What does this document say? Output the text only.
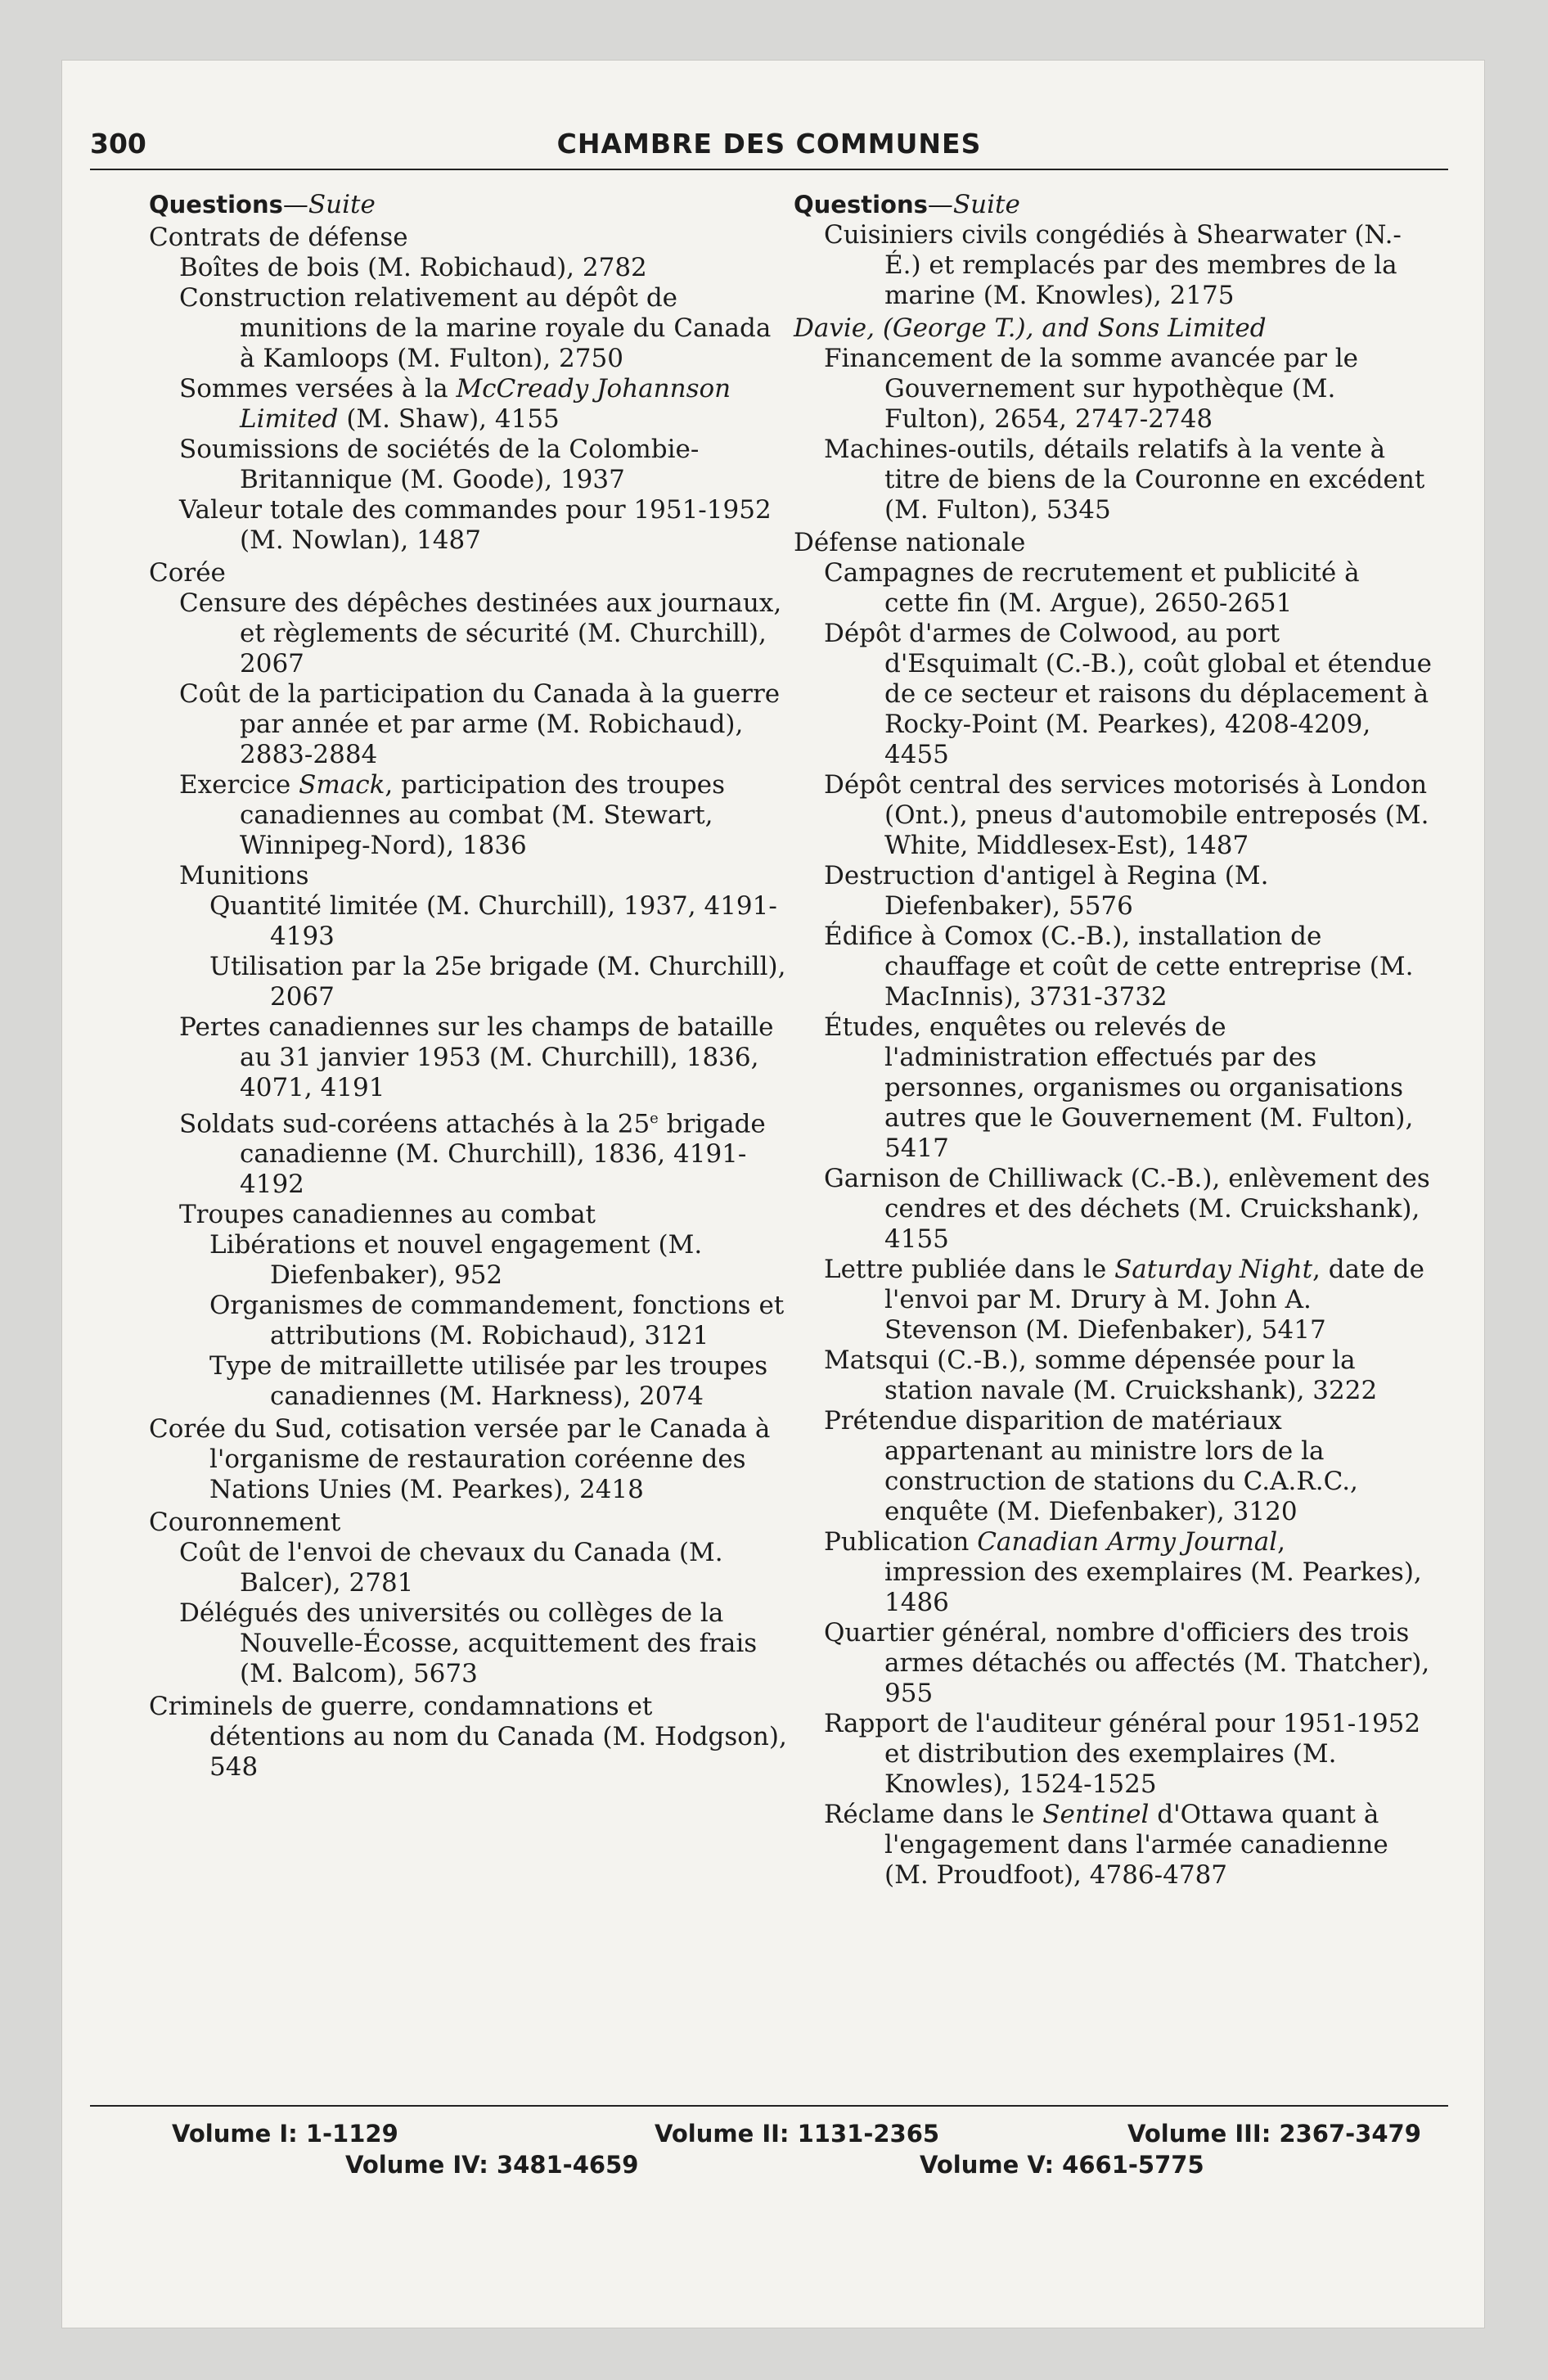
300	CHAMBRE DES COMMUNES

Questions—Suite

Contrats de défense

Boîtes de bois (M. Robichaud), 2782

Construction relativement au dépôt de munitions de la marine royale du Canada à Kamloops (M. Fulton), 2750

Sommes versées à la McCready Johannson Limited (M. Shaw), 4155

Soumissions de sociétés de la Colombie-Britannique (M. Goode), 1937

Valeur totale des commandes pour 1951-1952 (M. Nowlan), 1487

Corée

Censure des dépêches destinées aux journaux, et règlements de sécurité (M. Churchill), 2067

Coût de la participation du Canada à la guerre par année et par arme (M. Robichaud), 2883-2884

Exercice Smack, participation des troupes canadiennes au combat (M. Stewart, Winnipeg-Nord), 1836

Munitions

Quantité limitée (M. Churchill), 1937, 4191-4193

Utilisation par la 25e brigade (M. Churchill), 2067

Pertes canadiennes sur les champs de bataille au 31 janvier 1953 (M. Churchill), 1836, 4071, 4191

Soldats sud-coréens attachés à la 25e brigade canadienne (M. Churchill), 1836, 4191-4192

Troupes canadiennes au combat

Libérations et nouvel engagement (M. Diefenbaker), 952

Organismes de commandement, fonctions et attributions (M. Robichaud), 3121

Type de mitraillette utilisée par les troupes canadiennes (M. Harkness), 2074

Corée du Sud, cotisation versée par le Canada à l'organisme de restauration coréenne des Nations Unies (M. Pearkes), 2418

Couronnement

Coût de l'envoi de chevaux du Canada (M. Balcer), 2781

Délégués des universités ou collèges de la Nouvelle-Écosse, acquittement des frais (M. Balcom), 5673

Criminels de guerre, condamnations et détentions au nom du Canada (M. Hodgson), 548

Questions—Suite

Cuisiniers civils congédiés à Shearwater (N.-É.) et remplacés par des membres de la marine (M. Knowles), 2175

Davie, (George T.), and Sons Limited

Financement de la somme avancée par le Gouvernement sur hypothèque (M. Fulton), 2654, 2747-2748

Machines-outils, détails relatifs à la vente à titre de biens de la Couronne en excédent (M. Fulton), 5345

Défense nationale

Campagnes de recrutement et publicité à cette fin (M. Argue), 2650-2651

Dépôt d'armes de Colwood, au port d'Esquimalt (C.-B.), coût global et étendue de ce secteur et raisons du déplacement à Rocky-Point (M. Pearkes), 4208-4209, 4455

Dépôt central des services motorisés à London (Ont.), pneus d'automobile entreposés (M. White, Middlesex-Est), 1487

Destruction d'antigel à Regina (M. Diefenbaker), 5576

Édifice à Comox (C.-B.), installation de chauffage et coût de cette entreprise (M. MacInnis), 3731-3732

Études, enquêtes ou relevés de l'administration effectués par des personnes, organismes ou organisations autres que le Gouvernement (M. Fulton), 5417

Garnison de Chilliwack (C.-B.), enlèvement des cendres et des déchets (M. Cruickshank), 4155

Lettre publiée dans le Saturday Night, date de l'envoi par M. Drury à M. John A. Stevenson (M. Diefenbaker), 5417

Matsqui (C.-B.), somme dépensée pour la station navale (M. Cruickshank), 3222

Prétendue disparition de matériaux appartenant au ministre lors de la construction de stations du C.A.R.C., enquête (M. Diefenbaker), 3120

Publication Canadian Army Journal, impression des exemplaires (M. Pearkes), 1486

Quartier général, nombre d'officiers des trois armes détachés ou affectés (M. Thatcher), 955

Rapport de l'auditeur général pour 1951-1952 et distribution des exemplaires (M. Knowles), 1524-1525

Réclame dans le Sentinel d'Ottawa quant à l'engagement dans l'armée canadienne (M. Proudfoot), 4786-4787

Volume I: 1-1129	Volume II: 1131-2365	Volume III: 2367-3479
Volume IV: 3481-4659	Volume V: 4661-5775
